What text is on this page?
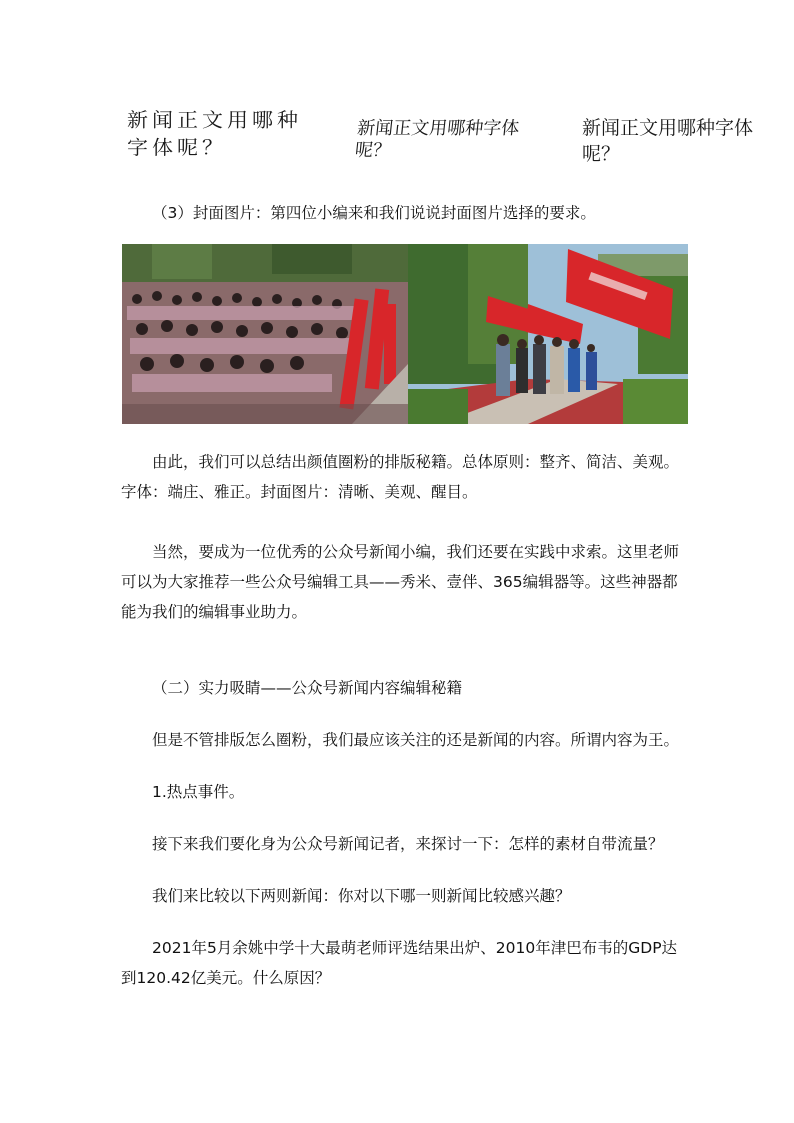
新闻正文用哪种字体呢？
新闻正文用哪种字体呢？
新闻正文用哪种字体呢？
（3）封面图片：第四位小编来和我们说说封面图片选择的要求。
由此，我们可以总结出颜值圈粉的排版秘籍。总体原则：整齐、简洁、美观。字体：端庄、雅正。封面图片：清晰、美观、醒目。
当然，要成为一位优秀的公众号新闻小编，我们还要在实践中求索。这里老师可以为大家推荐一些公众号编辑工具——秀米、壹伴、365编辑器等。这些神器都能为我们的编辑事业助力。
（二）实力吸睛——公众号新闻内容编辑秘籍
但是不管排版怎么圈粉，我们最应该关注的还是新闻的内容。所谓内容为王。
1.热点事件。
接下来我们要化身为公众号新闻记者，来探讨一下：怎样的素材自带流量？
我们来比较以下两则新闻：你对以下哪一则新闻比较感兴趣？
2021年5月余姚中学十大最萌老师评选结果出炉、2010年津巴布韦的GDP达到120.42亿美元。什么原因？
